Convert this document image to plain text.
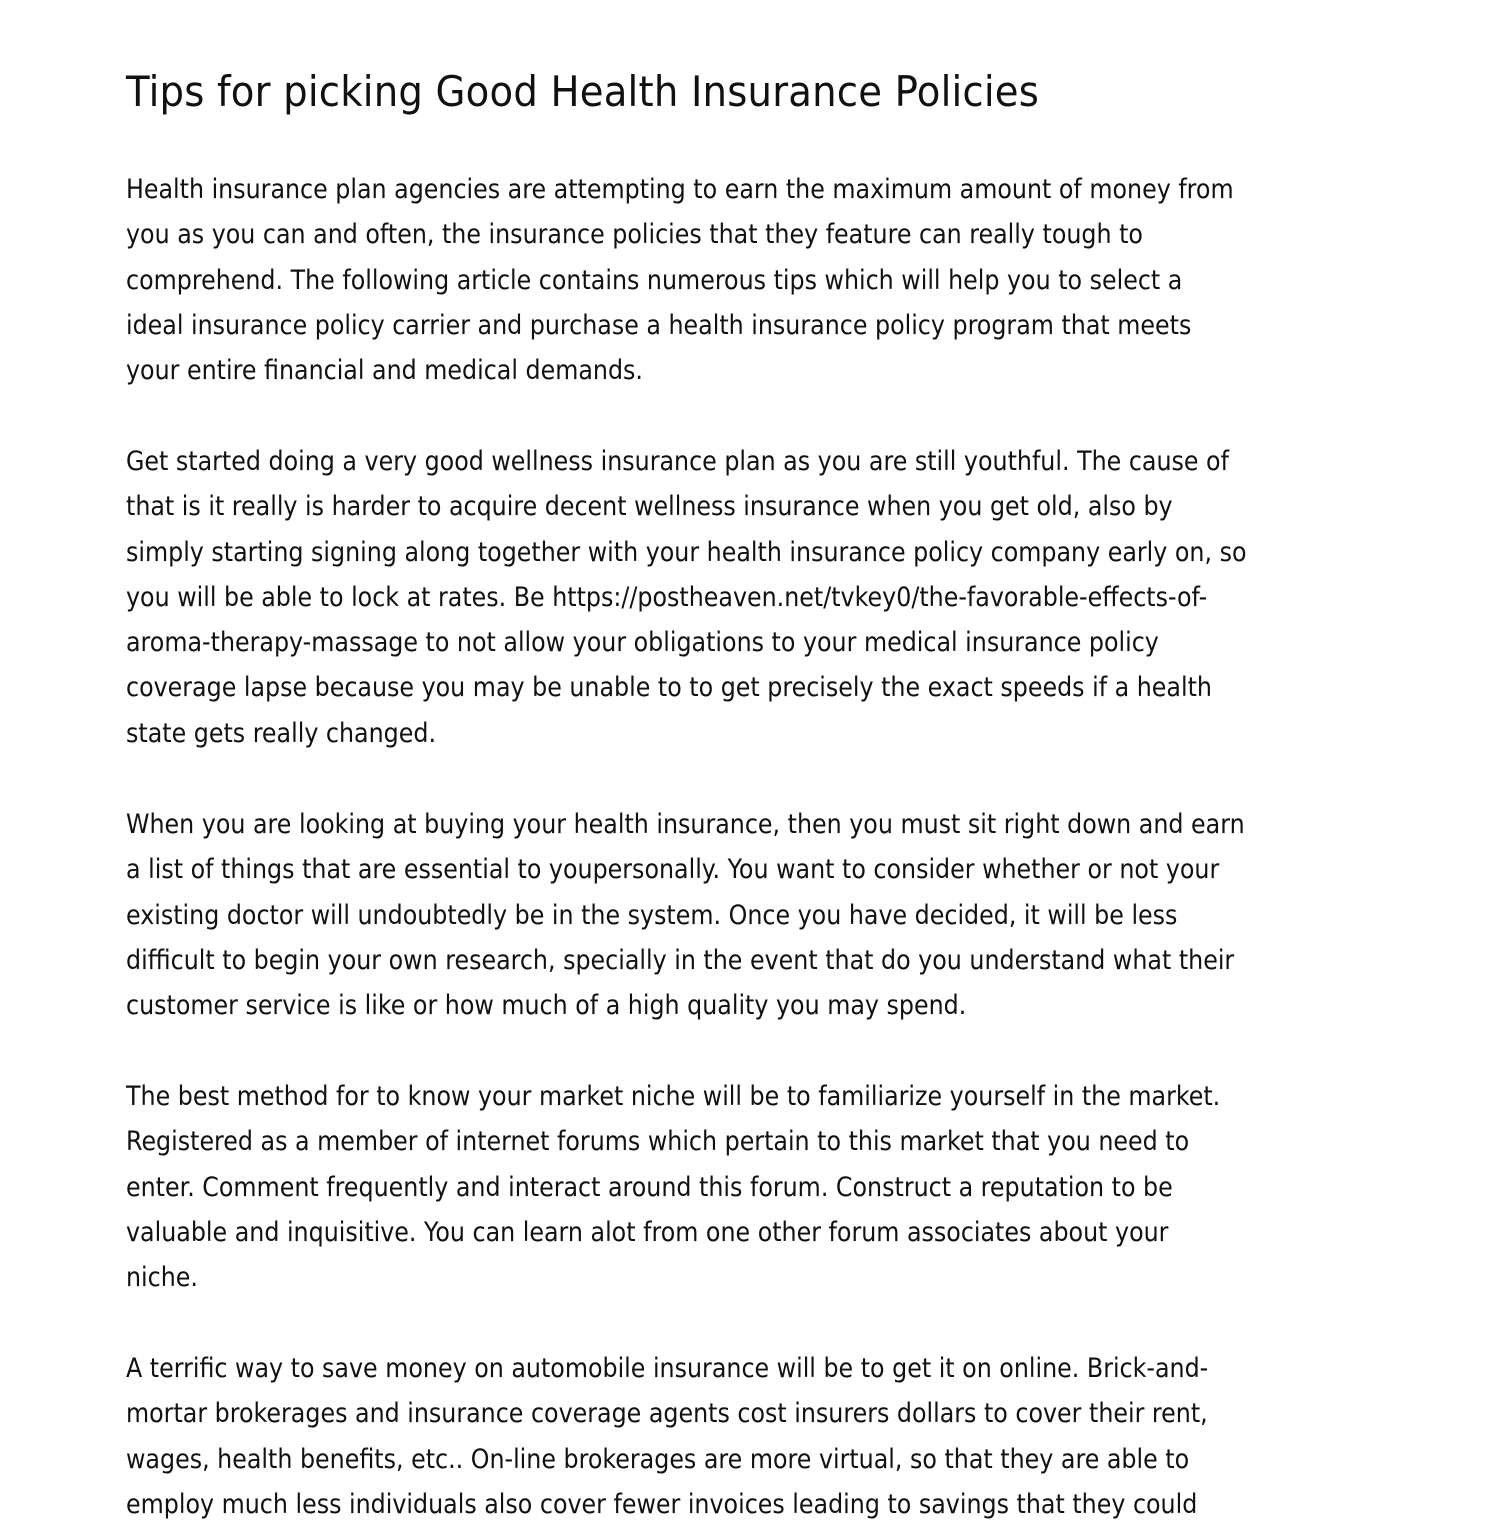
Tips for picking Good Health Insurance Policies

Health insurance plan agencies are attempting to earn the maximum amount of money from
you as you can and often, the insurance policies that they feature can really tough to
comprehend. The following article contains numerous tips which will help you to select a
ideal insurance policy carrier and purchase a health insurance policy program that meets
your entire financial and medical demands.

Get started doing a very good wellness insurance plan as you are still youthful. The cause of
that is it really is harder to acquire decent wellness insurance when you get old, also by
simply starting signing along together with your health insurance policy company early on, so
you will be able to lock at rates. Be https://postheaven.net/tvkey0/the-favorable-effects-of-
aroma-therapy-massage to not allow your obligations to your medical insurance policy
coverage lapse because you may be unable to to get precisely the exact speeds if a health
state gets really changed.

When you are looking at buying your health insurance, then you must sit right down and earn
a list of things that are essential to youpersonally. You want to consider whether or not your
existing doctor will undoubtedly be in the system. Once you have decided, it will be less
difficult to begin your own research, specially in the event that do you understand what their
customer service is like or how much of a high quality you may spend.

The best method for to know your market niche will be to familiarize yourself in the market.
Registered as a member of internet forums which pertain to this market that you need to
enter. Comment frequently and interact around this forum. Construct a reputation to be
valuable and inquisitive. You can learn alot from one other forum associates about your
niche.

A terrific way to save money on automobile insurance will be to get it on online. Brick-and-
mortar brokerages and insurance coverage agents cost insurers dollars to cover their rent,
wages, health benefits, etc.. On-line brokerages are more virtual, so that they are able to
employ much less individuals also cover fewer invoices leading to savings that they could
